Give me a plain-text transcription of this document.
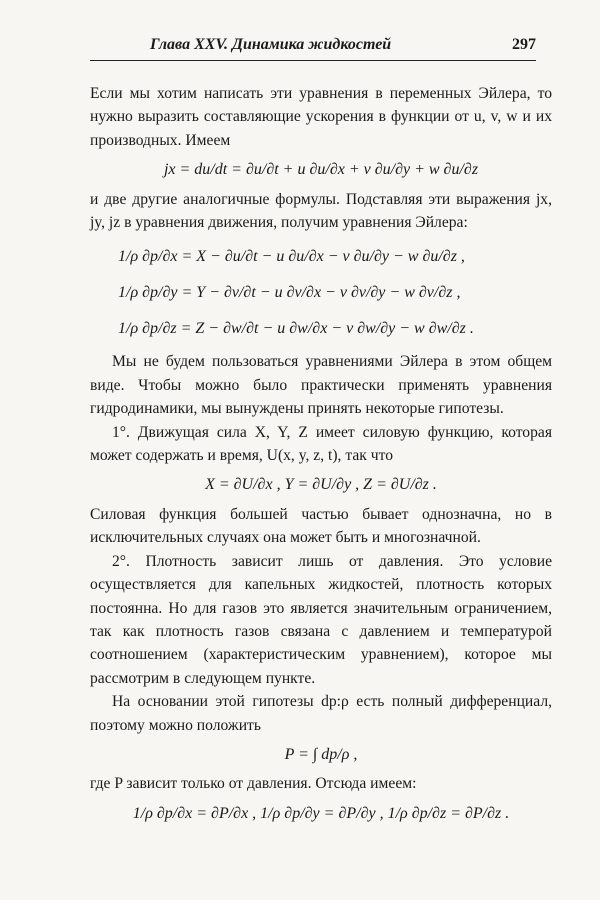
Глава XXV. Динамика жидкостей	297

Если мы хотим написать эти уравнения в переменных Эйлера, то нужно выразить составляющие ускорения в функции от u, v, w и их производных. Имеем

jx = du/dt = ∂u/∂t + u ∂u/∂x + v ∂u/∂y + w ∂u/∂z

и две другие аналогичные формулы. Подставляя эти выражения jx, jy, jz в уравнения движения, получим уравнения Эйлера:

1/ρ ∂p/∂x = X − ∂u/∂t − u ∂u/∂x − v ∂u/∂y − w ∂u/∂z ,
1/ρ ∂p/∂y = Y − ∂v/∂t − u ∂v/∂x − v ∂v/∂y − w ∂v/∂z ,
1/ρ ∂p/∂z = Z − ∂w/∂t − u ∂w/∂x − v ∂w/∂y − w ∂w/∂z .

Мы не будем пользоваться уравнениями Эйлера в этом общем виде. Чтобы можно было практически применять уравнения гидродинамики, мы вынуждены принять некоторые гипотезы.

1°. Движущая сила X, Y, Z имеет силовую функцию, которая может содержать и время, U(x, y, z, t), так что

X = ∂U/∂x , Y = ∂U/∂y , Z = ∂U/∂z .

Силовая функция большей частью бывает однозначна, но в исключительных случаях она может быть и многозначной.

2°. Плотность зависит лишь от давления. Это условие осуществляется для капельных жидкостей, плотность которых постоянна. Но для газов это является значительным ограничением, так как плотность газов связана с давлением и температурой соотношением (характеристическим уравнением), которое мы рассмотрим в следующем пункте.

На основании этой гипотезы dp:ρ есть полный дифференциал, поэтому можно положить

P = ∫ dp/ρ ,

где P зависит только от давления. Отсюда имеем:

1/ρ ∂p/∂x = ∂P/∂x , 1/ρ ∂p/∂y = ∂P/∂y , 1/ρ ∂p/∂z = ∂P/∂z .
